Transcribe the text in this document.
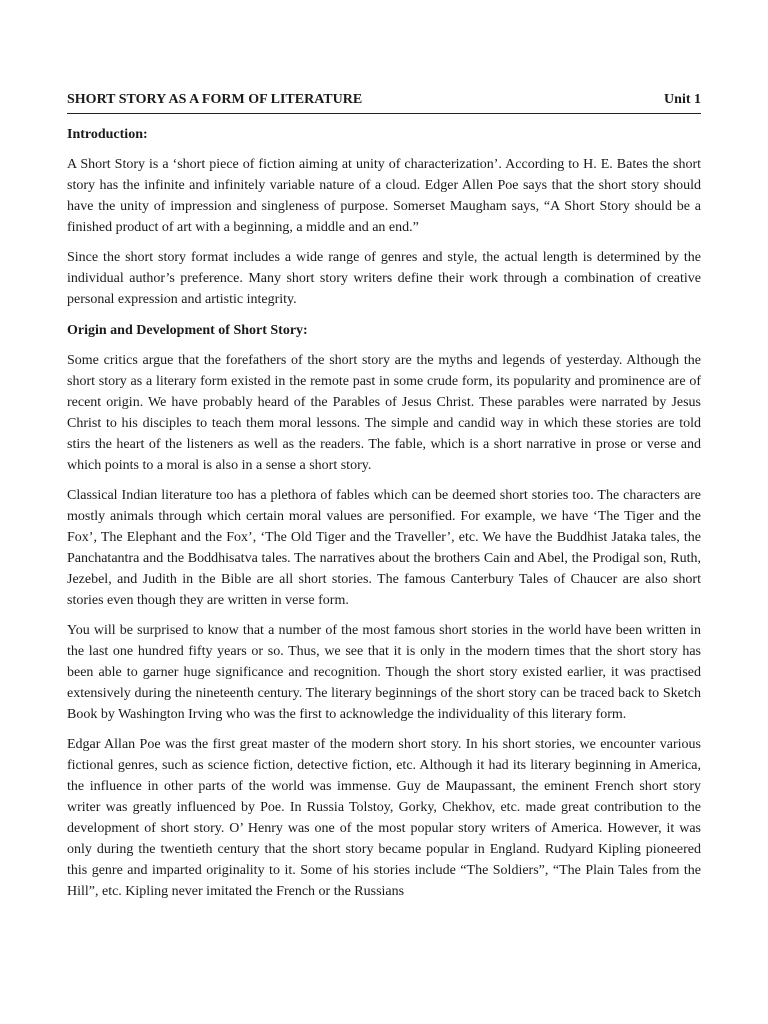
SHORT STORY AS A FORM OF LITERATURE	Unit 1
Introduction:

A Short Story is a ‘short piece of fiction aiming at unity of characterization’. According to H. E. Bates the short story has the infinite and infinitely variable nature of a cloud. Edger Allen Poe says that the short story should have the unity of impression and singleness of purpose. Somerset Maugham says, “A Short Story should be a finished product of art with a beginning, a middle and an end.”

Since the short story format includes a wide range of genres and style, the actual length is determined by the individual author’s preference. Many short story writers define their work through a combination of creative personal expression and artistic integrity.

Origin and Development of Short Story:

Some critics argue that the forefathers of the short story are the myths and legends of yesterday. Although the short story as a literary form existed in the remote past in some crude form, its popularity and prominence are of recent origin. We have probably heard of the Parables of Jesus Christ. These parables were narrated by Jesus Christ to his disciples to teach them moral lessons. The simple and candid way in which these stories are told stirs the heart of the listeners as well as the readers. The fable, which is a short narrative in prose or verse and which points to a moral is also in a sense a short story.

Classical Indian literature too has a plethora of fables which can be deemed short stories too. The characters are mostly animals through which certain moral values are personified. For example, we have ‘The Tiger and the Fox’, The Elephant and the Fox’, ‘The Old Tiger and the Traveller’, etc. We have the Buddhist Jataka tales, the Panchatantra and the Boddhisatva tales. The narratives about the brothers Cain and Abel, the Prodigal son, Ruth, Jezebel, and Judith in the Bible are all short stories. The famous Canterbury Tales of Chaucer are also short stories even though they are written in verse form.

You will be surprised to know that a number of the most famous short stories in the world have been written in the last one hundred fifty years or so. Thus, we see that it is only in the modern times that the short story has been able to garner huge significance and recognition. Though the short story existed earlier, it was practised extensively during the nineteenth century. The literary beginnings of the short story can be traced back to Sketch Book by Washington Irving who was the first to acknowledge the individuality of this literary form.

Edgar Allan Poe was the first great master of the modern short story. In his short stories, we encounter various fictional genres, such as science fiction, detective fiction, etc. Although it had its literary beginning in America, the influence in other parts of the world was immense. Guy de Maupassant, the eminent French short story writer was greatly influenced by Poe. In Russia Tolstoy, Gorky, Chekhov, etc. made great contribution to the development of short story. O’ Henry was one of the most popular story writers of America. However, it was only during the twentieth century that the short story became popular in England. Rudyard Kipling pioneered this genre and imparted originality to it. Some of his stories include “The Soldiers”, “The Plain Tales from the Hill”, etc. Kipling never imitated the French or the Russians
